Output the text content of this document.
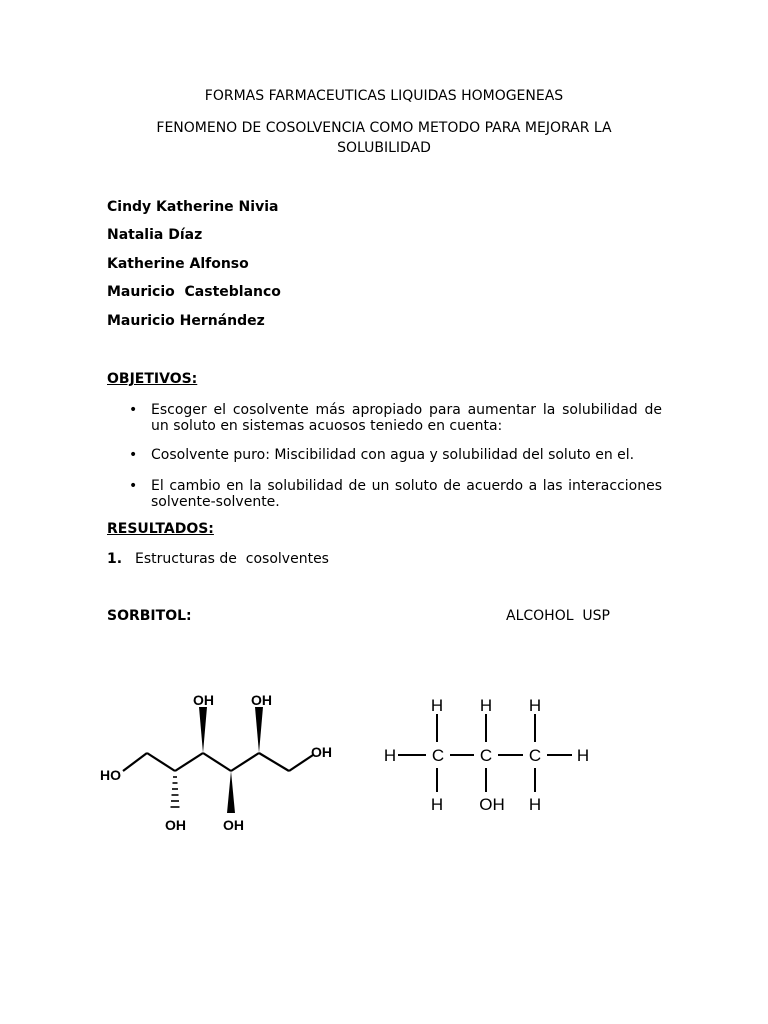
FORMAS FARMACEUTICAS LIQUIDAS HOMOGENEAS
FENOMENO DE COSOLVENCIA COMO METODO PARA MEJORAR LA SOLUBILIDAD
Cindy Katherine Nivia
Natalia Díaz
Katherine Alfonso
Mauricio  Casteblanco
Mauricio Hernández
OBJETIVOS:
• Escoger el cosolvente más apropiado para aumentar la solubilidad de un soluto en sistemas acuosos teniedo en cuenta:
• Cosolvente puro: Miscibilidad con agua y solubilidad del soluto en el.
• El cambio en la solubilidad de un soluto de acuerdo a las interacciones solvente-solvente.
RESULTADOS:
1. Estructuras de  cosolventes
SORBITOL:	ALCOHOL  USP
HO
OH	OH
OH
OH	OH
H H H
H C C C H
H OH H
